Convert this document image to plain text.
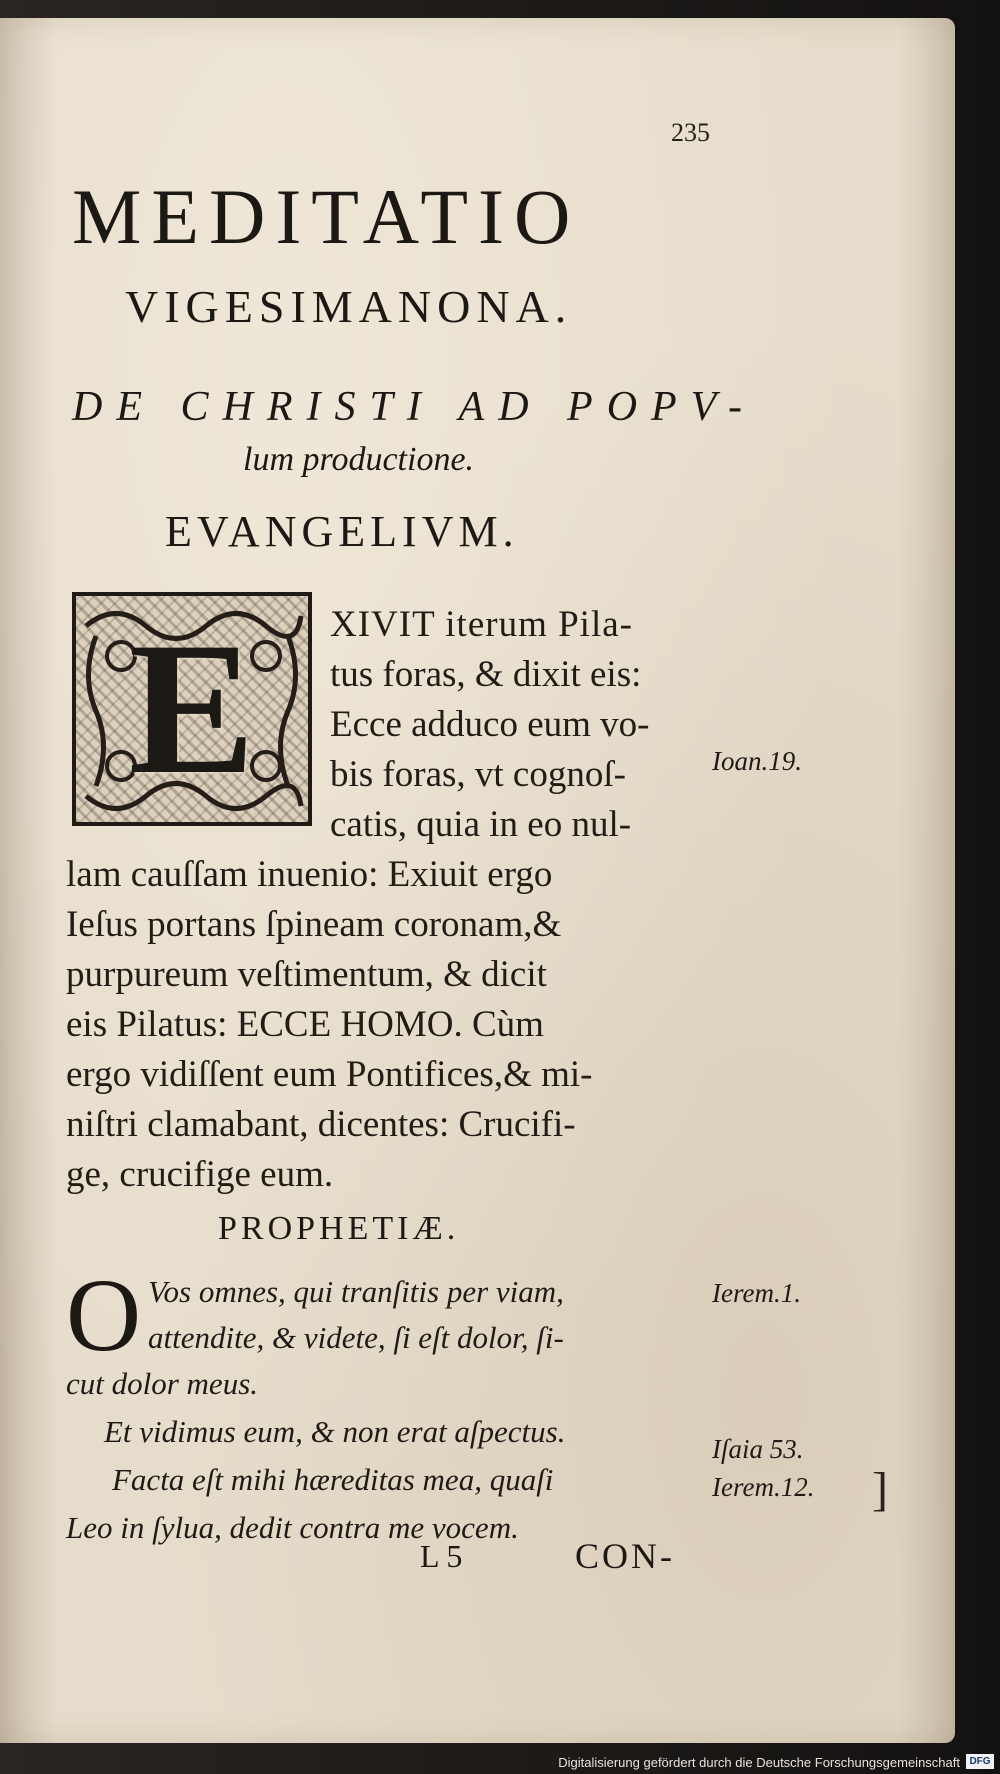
235
MEDITATIO
VIGESIMANONA.
DE CHRISTI AD POPV-
lum productione.
EVANGELIVM.
E	XIVIT iterum Pila-
tus foras, & dixit eis:
Ecce adduco eum vo-
bis foras, vt cognoſ-
catis, quia in eo nul-
lam cauſſam inuenio: Exiuit ergo
Ieſus portans ſpineam coronam,&
purpureum veſtimentum, & dicit
eis Pilatus: ECCE HOMO. Cùm
ergo vidiſſent eum Pontifices,& mi-
niſtri clamabant, dicentes: Crucifi-
ge, crucifige eum.
Ioan.19.
PROPHETIÆ.
O Vos omnes, qui tranſitis per viam,
attendite, & videte, ſi eſt dolor, ſi-
cut dolor meus.
Et vidimus eum, & non erat aſpectus.
Facta eſt mihi hæreditas mea, quaſi
Leo in ſylua, dedit contra me vocem.
Ierem.1.
Iſaia 53.
Ierem.12. ]
L 5	CON-
Digitalisierung gefördert durch die Deutsche Forschungsgemeinschaft DFG
